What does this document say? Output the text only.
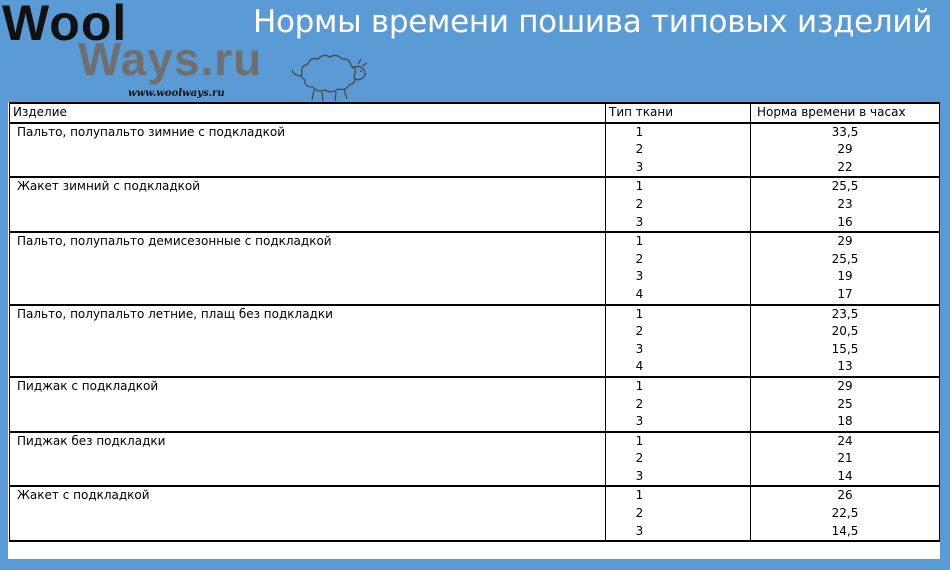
Wool
Ways.ru
www.woolways.ru
Нормы времени пошива типовых изделий
Изделие	Тип ткани	Норма времени в часах
Пальто, полупальто зимние с подкладкой	1	33,5
	2	29
	3	22
Жакет зимний с подкладкой	1	25,5
	2	23
	3	16
Пальто, полупальто демисезонные с подкладкой	1	29
	2	25,5
	3	19
	4	17
Пальто, полупальто летние, плащ без подкладки	1	23,5
	2	20,5
	3	15,5
	4	13
Пиджак с подкладкой	1	29
	2	25
	3	18
Пиджак без подкладки	1	24
	2	21
	3	14
Жакет с подкладкой	1	26
	2	22,5
	3	14,5
